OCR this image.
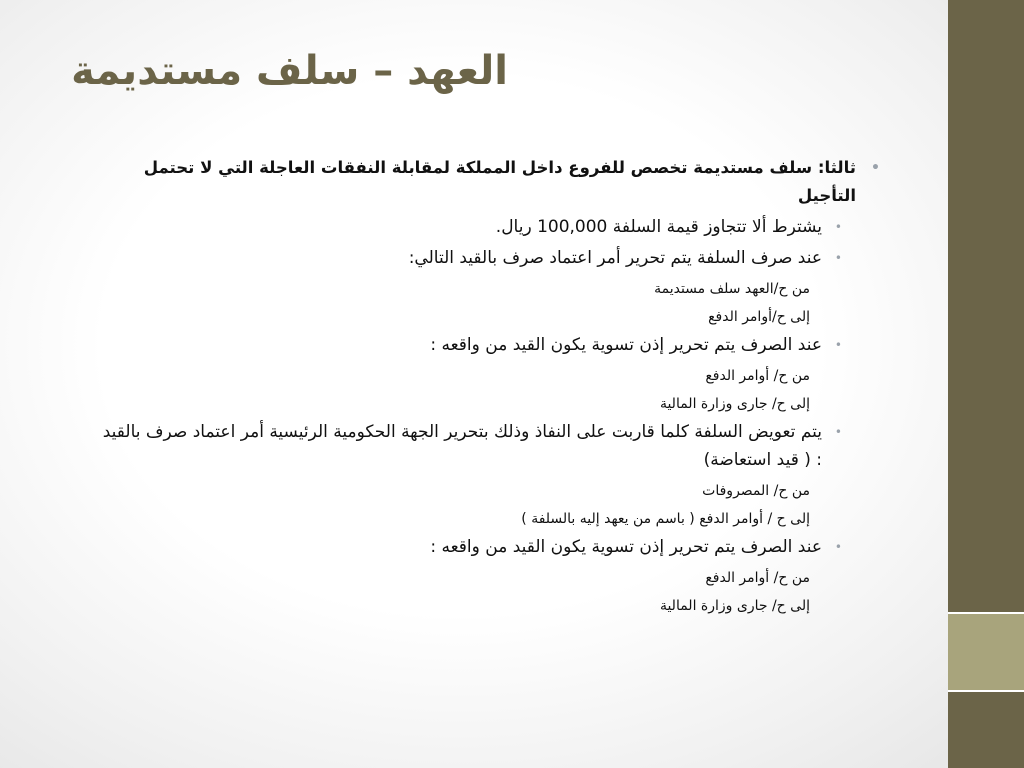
العهد – سلف مستديمة
•
ثالثا: سلف مستديمة تخصص للفروع داخل المملكة لمقابلة النفقات العاجلة التي لا تحتمل التأجيل
•
يشترط ألا تتجاوز قيمة السلفة 100,000 ريال.
•
عند صرف السلفة يتم تحرير أمر اعتماد صرف بالقيد التالي:
من ح/العهد سلف مستديمة
إلى ح/أوامر الدفع
•
عند الصرف يتم تحرير إذن تسوية يكون القيد من واقعه :
من ح/ أوامر الدفع
إلى ح/ جارى وزارة المالية
•
يتم تعويض السلفة كلما قاربت على النفاذ وذلك بتحرير الجهة الحكومية الرئيسية أمر اعتماد صرف بالقيد : ( قيد استعاضة)
من ح/ المصروفات
إلى ح / أوامر الدفع ( باسم من يعهد إليه بالسلفة )
•
عند الصرف يتم تحرير إذن تسوية يكون القيد من واقعه :
من ح/ أوامر الدفع
إلى ح/ جارى وزارة المالية
